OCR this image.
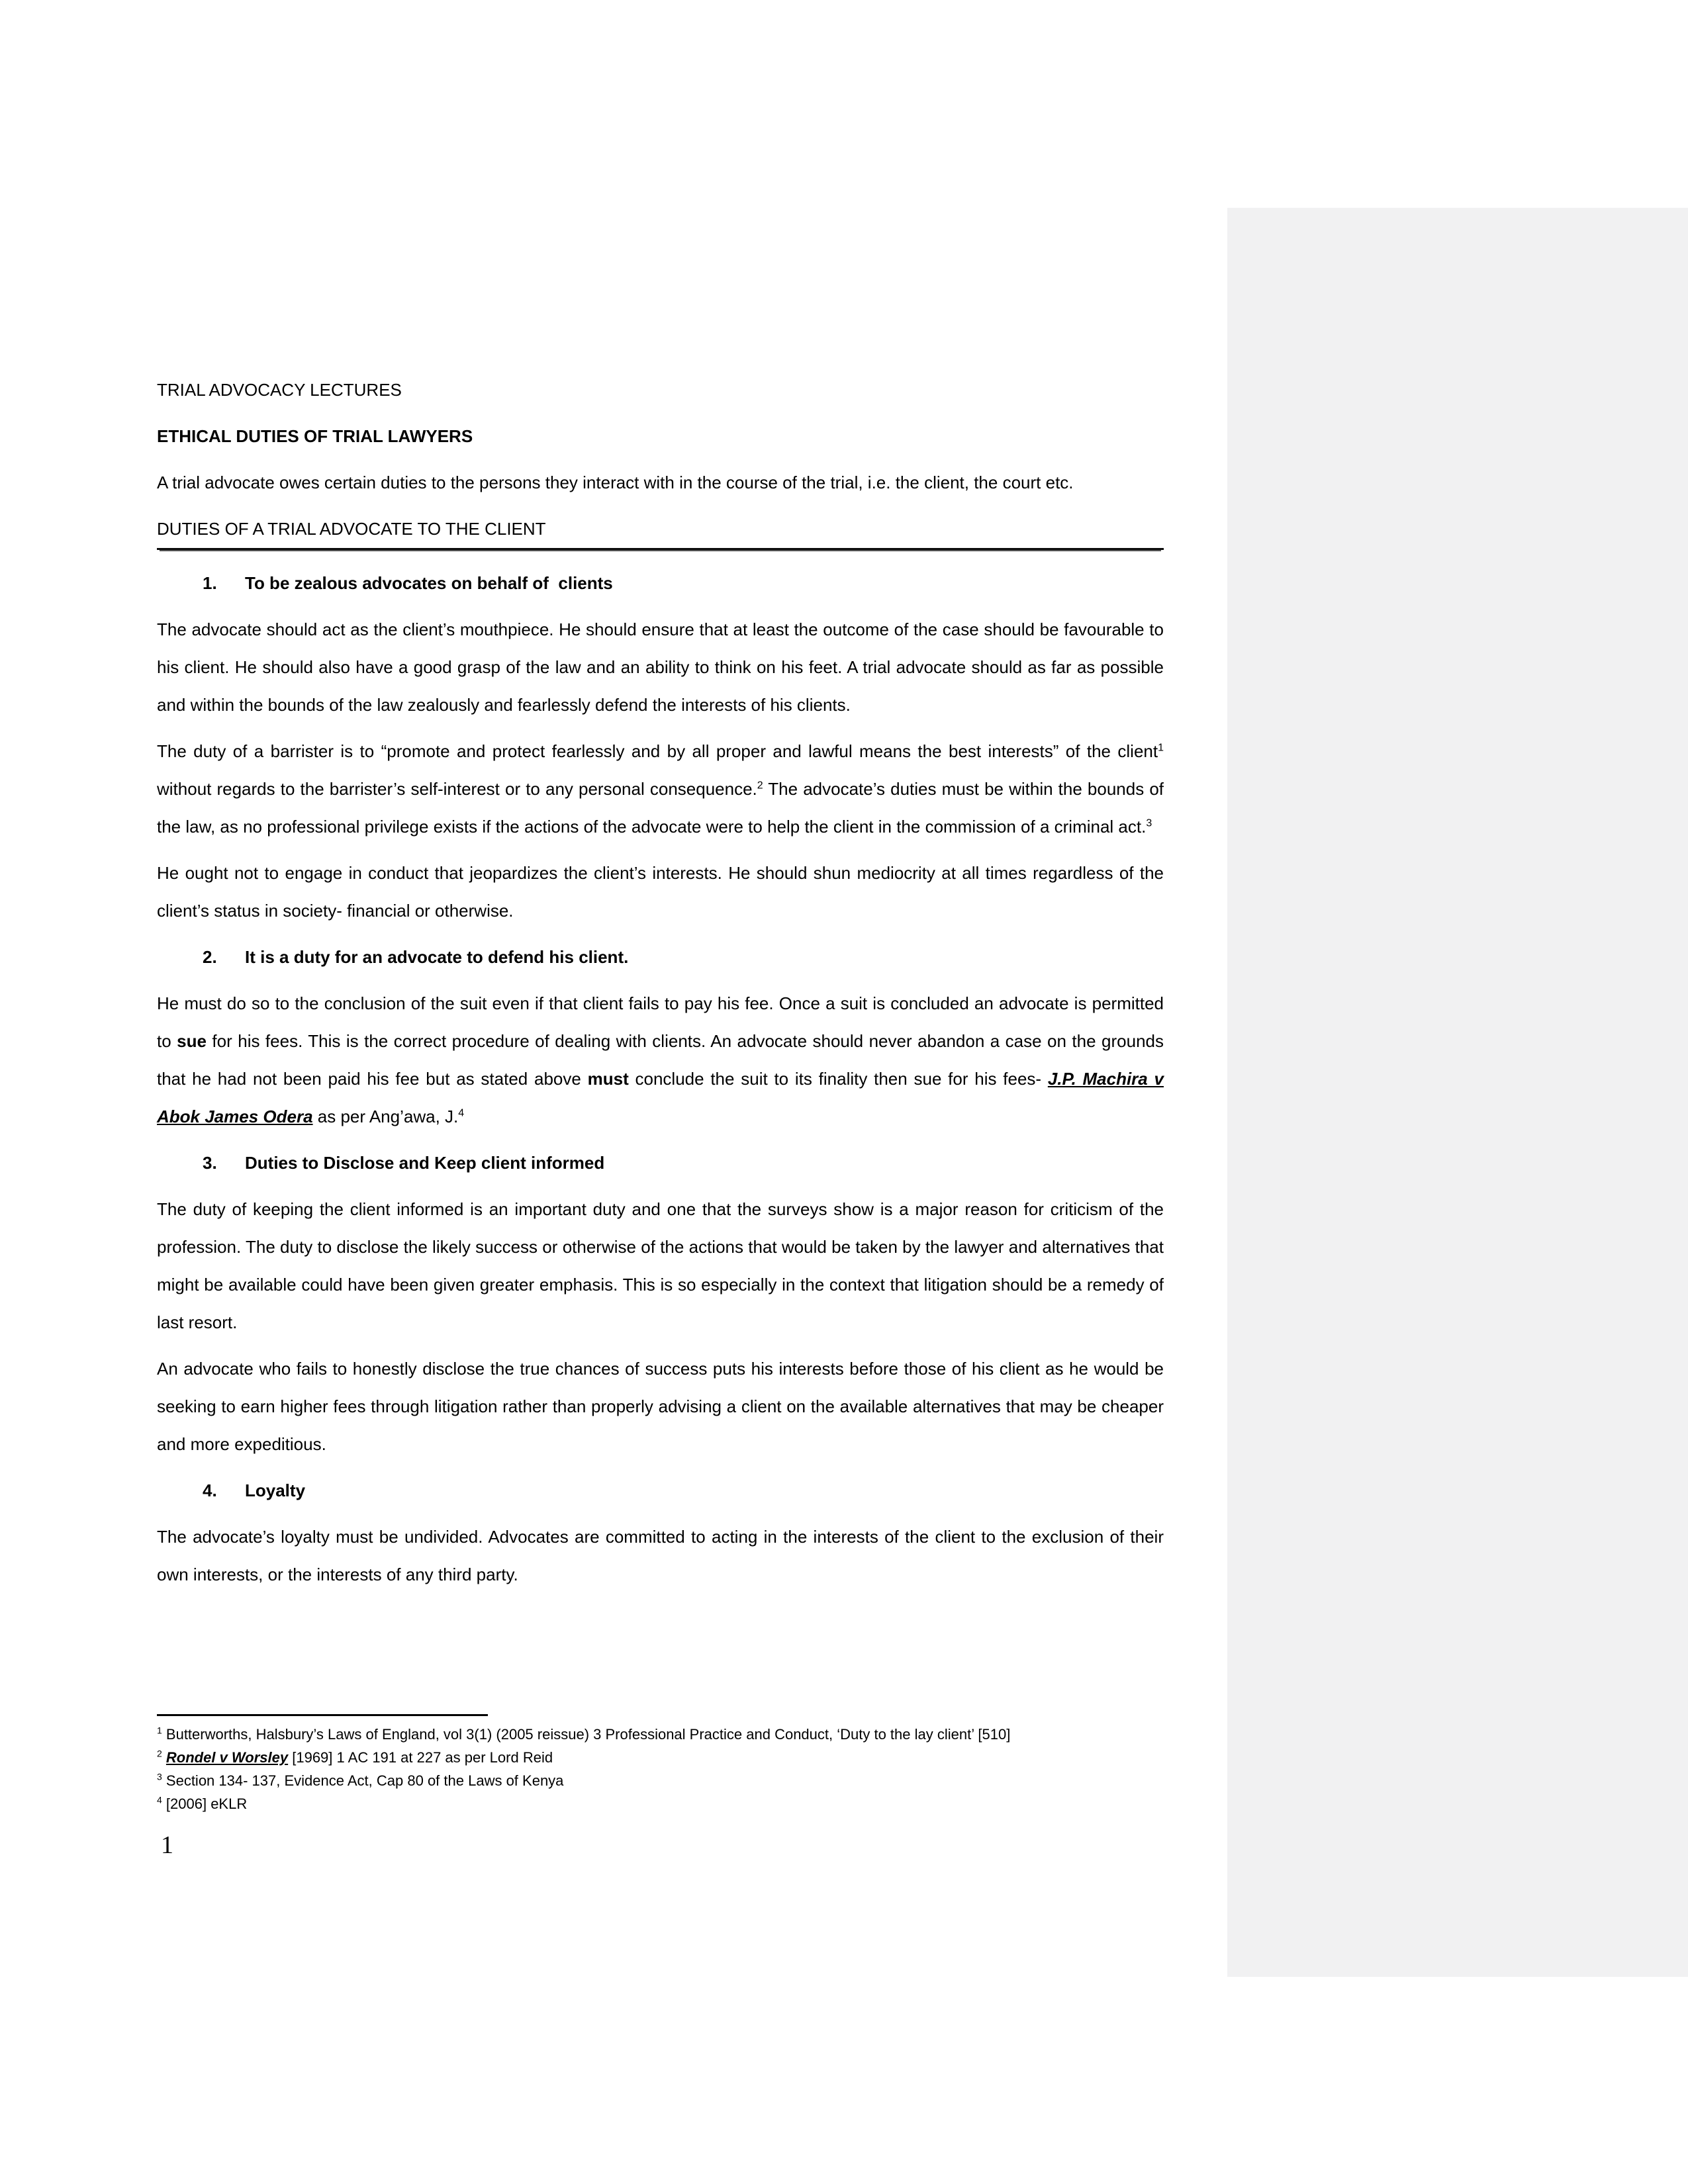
TRIAL ADVOCACY LECTURES
ETHICAL DUTIES OF TRIAL LAWYERS

A trial advocate owes certain duties to the persons they interact with in the course of the trial, i.e. the client, the court etc.

DUTIES OF A TRIAL ADVOCATE TO THE CLIENT
1. To be zealous advocates on behalf of  clients

The advocate should act as the client’s mouthpiece. He should ensure that at least the outcome of the case should be favourable to his client. He should also have a good grasp of the law and an ability to think on his feet. A trial advocate should as far as possible and within the bounds of the law zealously and fearlessly defend the interests of his clients.

The duty of a barrister is to “promote and protect fearlessly and by all proper and lawful means the best interests” of the client$^1$ without regards to the barrister’s self-interest or to any personal consequence.$^2$ The advocate’s duties must be within the bounds of the law, as no professional privilege exists if the actions of the advocate were to help the client in the commission of a criminal act.$^3$

He ought not to engage in conduct that jeopardizes the client’s interests. He should shun mediocrity at all times regardless of the client’s status in society- financial or otherwise.

2. It is a duty for an advocate to defend his client.

He must do so to the conclusion of the suit even if that client fails to pay his fee. Once a suit is concluded an advocate is permitted to sue for his fees. This is the correct procedure of dealing with clients. An advocate should never abandon a case on the grounds that he had not been paid his fee but as stated above must conclude the suit to its finality then sue for his fees- J.P. Machira v Abok James Odera as per Ang’awa, J.$^4$

3. Duties to Disclose and Keep client informed

The duty of keeping the client informed is an important duty and one that the surveys show is a major reason for criticism of the profession. The duty to disclose the likely success or otherwise of the actions that would be taken by the lawyer and alternatives that might be available could have been given greater emphasis. This is so especially in the context that litigation should be a remedy of last resort.

An advocate who fails to honestly disclose the true chances of success puts his interests before those of his client as he would be seeking to earn higher fees through litigation rather than properly advising a client on the available alternatives that may be cheaper and more expeditious.

4. Loyalty

The advocate’s loyalty must be undivided. Advocates are committed to acting in the interests of the client to the exclusion of their own interests, or the interests of any third party.

$^1$ Butterworths, Halsbury’s Laws of England, vol 3(1) (2005 reissue) 3 Professional Practice and Conduct, ‘Duty to the lay client’ [510]
$^2$ Rondel v Worsley [1969] 1 AC 191 at 227 as per Lord Reid
$^3$ Section 134- 137, Evidence Act, Cap 80 of the Laws of Kenya
$^4$ [2006] eKLR
1
